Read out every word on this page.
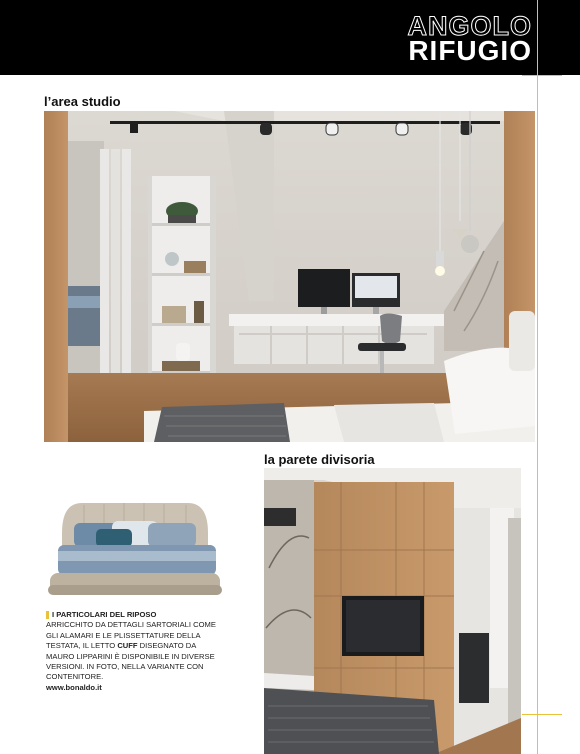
ANGOLO
RIFUGIO
l’area studio
la parete divisoria
I PARTICOLARI DEL RIPOSO
ARRICCHITO DA DETTAGLI SARTORIALI COME GLI ALAMARI E LE PLISSETTATURE DELLA TESTATA, IL LETTO CUFF DISEGNATO DA MAURO LIPPARINI È DISPONIBILE IN DIVERSE VERSIONI. IN FOTO, NELLA VARIANTE CON CONTENITORE.
www.bonaldo.it
